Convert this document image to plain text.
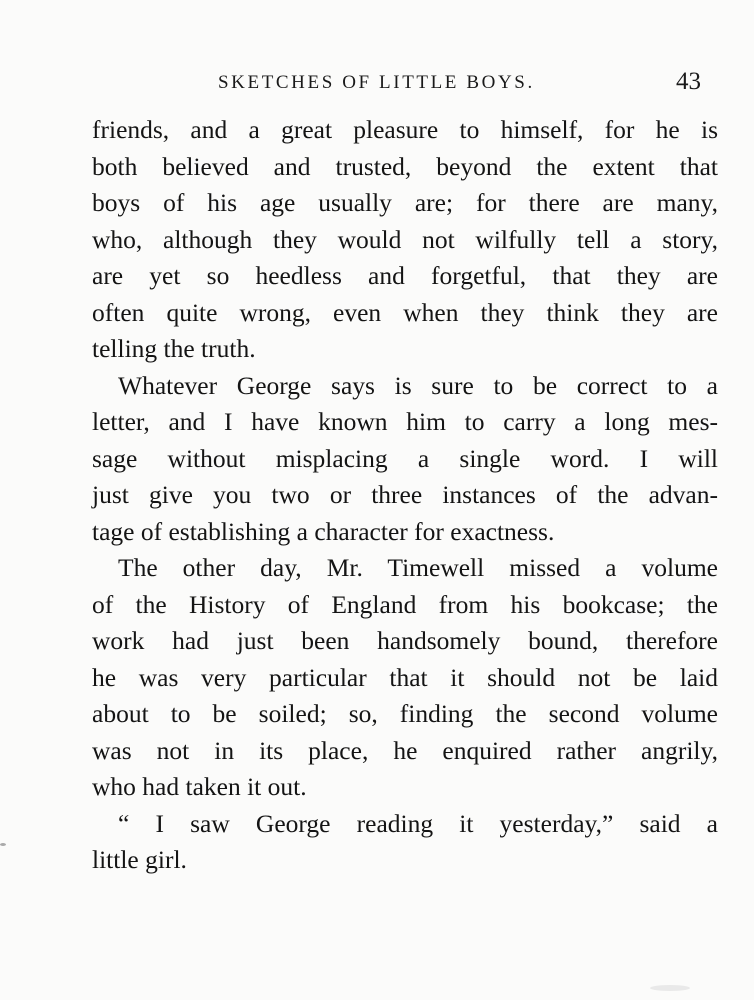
SKETCHES OF LITTLE BOYS.	43
friends, and a great pleasure to himself, for he is
both believed and trusted, beyond the extent that
boys of his age usually are; for there are many,
who, although they would not wilfully tell a story,
are yet so heedless and forgetful, that they are
often quite wrong, even when they think they are
telling the truth.
Whatever George says is sure to be correct to a
letter, and I have known him to carry a long mes-
sage without misplacing a single word. I will
just give you two or three instances of the advan-
tage of establishing a character for exactness.
The other day, Mr. Timewell missed a volume
of the History of England from his bookcase; the
work had just been handsomely bound, therefore
he was very particular that it should not be laid
about to be soiled; so, finding the second volume
was not in its place, he enquired rather angrily,
who had taken it out.
“ I saw George reading it yesterday,” said a
little girl.
